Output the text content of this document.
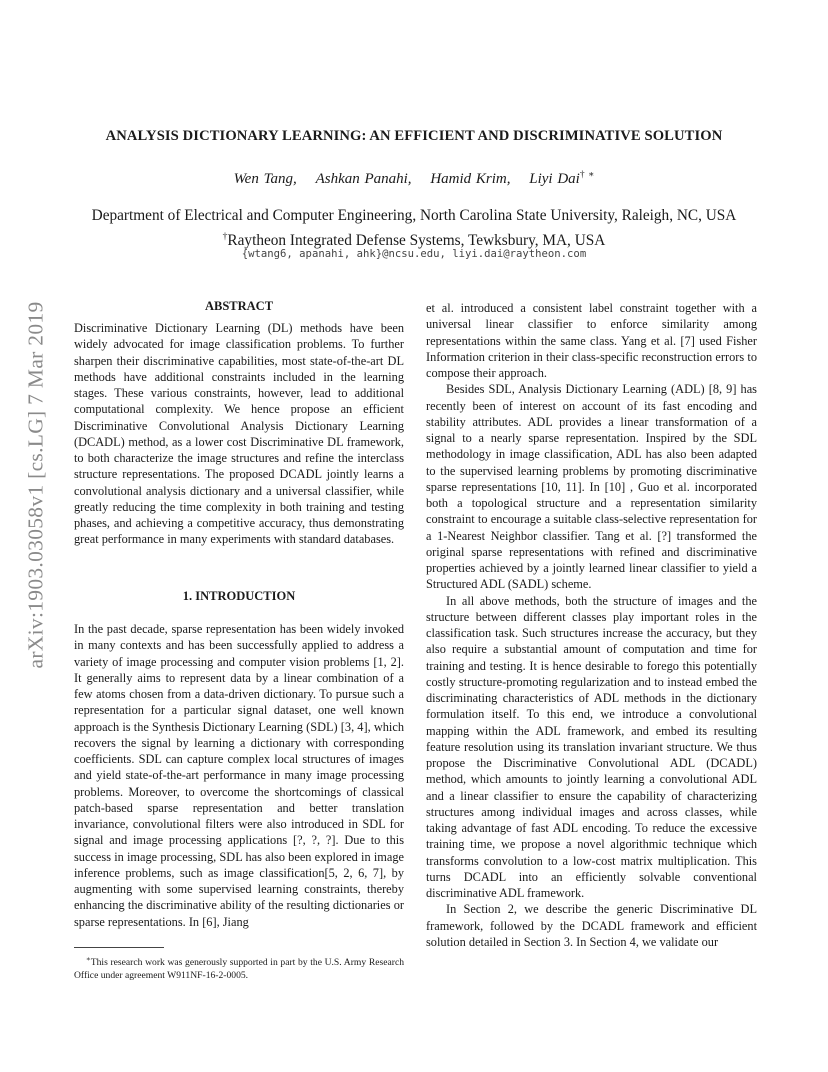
arXiv:1903.03058v1 [cs.LG] 7 Mar 2019
ANALYSIS DICTIONARY LEARNING: AN EFFICIENT AND DISCRIMINATIVE SOLUTION
Wen Tang, Ashkan Panahi, Hamid Krim, Liyi Dai† ∗
Department of Electrical and Computer Engineering, North Carolina State University, Raleigh, NC, USA
†Raytheon Integrated Defense Systems, Tewksbury, MA, USA
{wtang6, apanahi, ahk}@ncsu.edu, liyi.dai@raytheon.com
ABSTRACT

Discriminative Dictionary Learning (DL) methods have been widely advocated for image classification problems. To further sharpen their discriminative capabilities, most state-of-the-art DL methods have additional constraints included in the learning stages. These various constraints, however, lead to additional computational complexity. We hence propose an efficient Discriminative Convolutional Analysis Dictionary Learning (DCADL) method, as a lower cost Discriminative DL framework, to both characterize the image structures and refine the interclass structure representations. The proposed DCADL jointly learns a convolutional analysis dictionary and a universal classifier, while greatly reducing the time complexity in both training and testing phases, and achieving a competitive accuracy, thus demonstrating great performance in many experiments with standard databases.

1. INTRODUCTION

In the past decade, sparse representation has been widely invoked in many contexts and has been successfully applied to address a variety of image processing and computer vision problems [1, 2]. It generally aims to represent data by a linear combination of a few atoms chosen from a data-driven dictionary. To pursue such a representation for a particular signal dataset, one well known approach is the Synthesis Dictionary Learning (SDL) [3, 4], which recovers the signal by learning a dictionary with corresponding coefficients. SDL can capture complex local structures of images and yield state-of-the-art performance in many image processing problems. Moreover, to overcome the shortcomings of classical patch-based sparse representation and better translation invariance, convolutional filters were also introduced in SDL for signal and image processing applications [?, ?, ?]. Due to this success in image processing, SDL has also been explored in image inference problems, such as image classification[5, 2, 6, 7], by augmenting with some supervised learning constraints, thereby enhancing the discriminative ability of the resulting dictionaries or sparse representations. In [6], Jiang

∗This research work was generously supported in part by the U.S. Army Research Office under agreement W911NF-16-2-0005.

et al. introduced a consistent label constraint together with a universal linear classifier to enforce similarity among representations within the same class. Yang et al. [7] used Fisher Information criterion in their class-specific reconstruction errors to compose their approach.

Besides SDL, Analysis Dictionary Learning (ADL) [8, 9] has recently been of interest on account of its fast encoding and stability attributes. ADL provides a linear transformation of a signal to a nearly sparse representation. Inspired by the SDL methodology in image classification, ADL has also been adapted to the supervised learning problems by promoting discriminative sparse representations [10, 11]. In [10] , Guo et al. incorporated both a topological structure and a representation similarity constraint to encourage a suitable class-selective representation for a 1-Nearest Neighbor classifier. Tang et al. [?] transformed the original sparse representations with refined and discriminative properties achieved by a jointly learned linear classifier to yield a Structured ADL (SADL) scheme.

In all above methods, both the structure of images and the structure between different classes play important roles in the classification task. Such structures increase the accuracy, but they also require a substantial amount of computation and time for training and testing. It is hence desirable to forego this potentially costly structure-promoting regularization and to instead embed the discriminating characteristics of ADL methods in the dictionary formulation itself. To this end, we introduce a convolutional mapping within the ADL framework, and embed its resulting feature resolution using its translation invariant structure. We thus propose the Discriminative Convolutional ADL (DCADL) method, which amounts to jointly learning a convolutional ADL and a linear classifier to ensure the capability of characterizing structures among individual images and across classes, while taking advantage of fast ADL encoding. To reduce the excessive training time, we propose a novel algorithmic technique which transforms convolution to a low-cost matrix multiplication. This turns DCADL into an efficiently solvable conventional discriminative ADL framework.

In Section 2, we describe the generic Discriminative DL framework, followed by the DCADL framework and efficient solution detailed in Section 3. In Section 4, we validate our
